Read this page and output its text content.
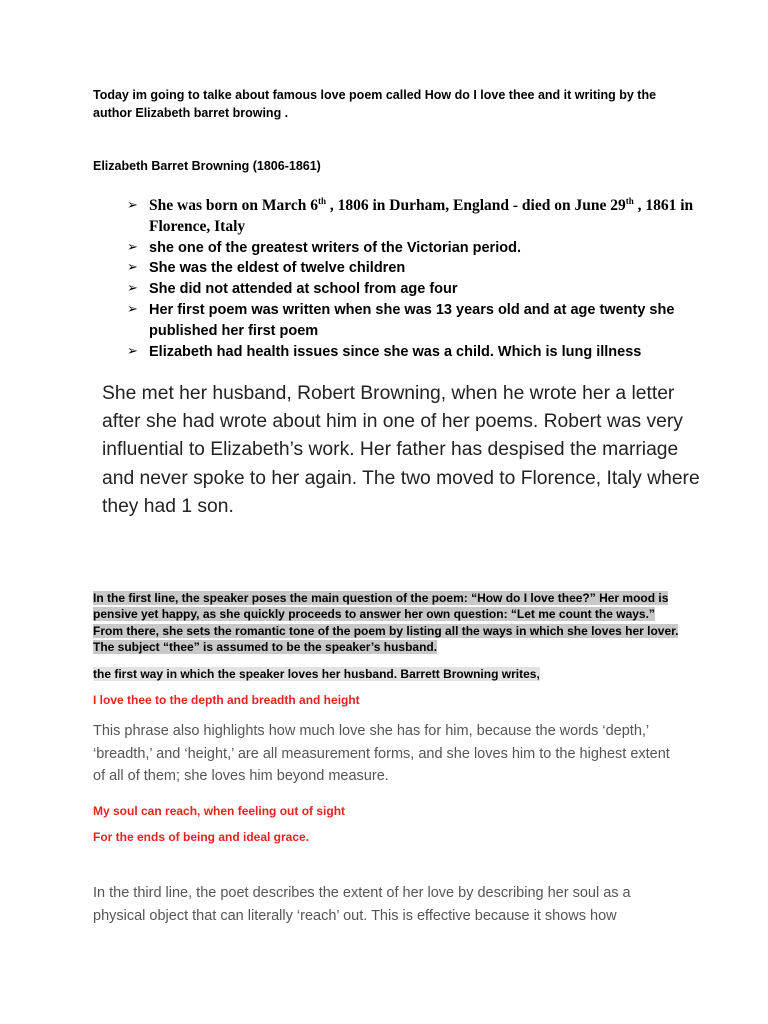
Today im going to talke about famous love poem called How do I love thee and it writing by the author Elizabeth barret browing .

Elizabeth Barret Browning (1806-1861)

➢ She was born on March 6th , 1806 in Durham, England - died on June 29th , 1861 in Florence, Italy
➢ she one of the greatest writers of the Victorian period.
➢ She was the eldest of twelve children
➢ She did not attended at school from age four
➢ Her first poem was written when she was 13 years old and at age twenty she published her first poem
➢ Elizabeth had health issues since she was a child. Which is lung illness

She met her husband, Robert Browning, when he wrote her a letter after she had wrote about him in one of her poems. Robert was very influential to Elizabeth’s work. Her father has despised the marriage and never spoke to her again. The two moved to Florence, Italy where they had 1 son.

In the first line, the speaker poses the main question of the poem: “How do I love thee?” Her mood is pensive yet happy, as she quickly proceeds to answer her own question: “Let me count the ways.” From there, she sets the romantic tone of the poem by listing all the ways in which she loves her lover. The subject “thee” is assumed to be the speaker’s husband.

the first way in which the speaker loves her husband. Barrett Browning writes,

I love thee to the depth and breadth and height

This phrase also highlights how much love she has for him, because the words ‘depth,’ ‘breadth,’ and ‘height,’ are all measurement forms, and she loves him to the highest extent of all of them; she loves him beyond measure.

My soul can reach, when feeling out of sight

For the ends of being and ideal grace.

In the third line, the poet describes the extent of her love by describing her soul as a physical object that can literally ‘reach’ out. This is effective because it shows how
